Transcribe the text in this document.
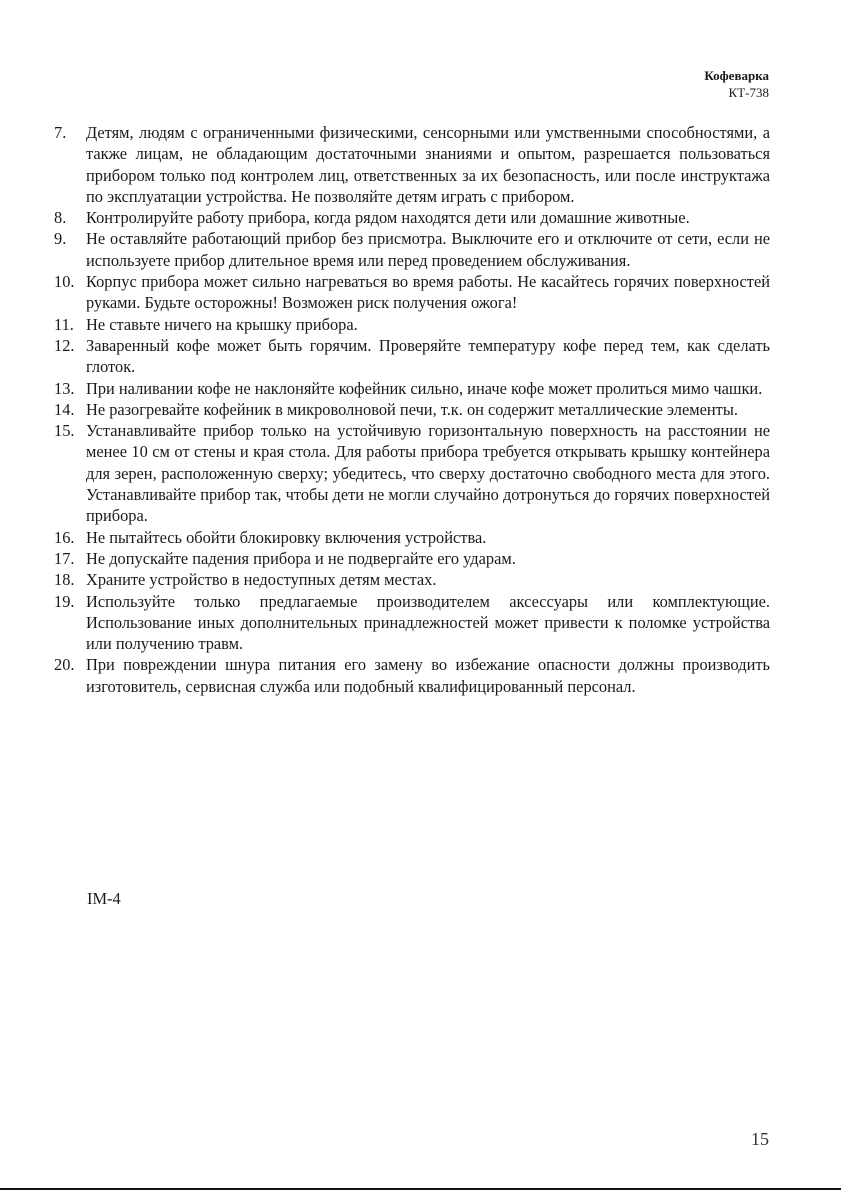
Кофеварка
КТ-738
7.	Детям, людям с ограниченными физическими, сенсорными или умственными способностями, а также лицам, не обладающим достаточными знаниями и опытом, разрешается пользоваться прибором только под контролем лиц, ответственных за их безопасность, или после инструктажа по эксплуатации устройства. Не позволяйте детям играть с прибором.
8.	Контролируйте работу прибора, когда рядом находятся дети или домашние животные.
9.	Не оставляйте работающий прибор без присмотра. Выключите его и отключите от сети, если не используете прибор длительное время или перед проведением обслуживания.
10. Корпус прибора может сильно нагреваться во время работы. Не касайтесь горячих поверхностей руками. Будьте осторожны! Возможен риск получения ожога!
11. Не ставьте ничего на крышку прибора.
12. Заваренный кофе может быть горячим. Проверяйте температуру кофе перед тем, как сделать глоток.
13. При наливании кофе не наклоняйте кофейник сильно, иначе кофе может пролиться мимо чашки.
14. Не разогревайте кофейник в микроволновой печи, т.к. он содержит металлические элементы.
15. Устанавливайте прибор только на устойчивую горизонтальную поверхность на расстоянии не менее 10 см от стены и края стола. Для работы прибора требуется открывать крышку контейнера для зерен, расположенную сверху; убедитесь, что сверху достаточно свободного места для этого. Устанавливайте прибор так, чтобы дети не могли случайно дотронуться до горячих поверхностей прибора.
16. Не пытайтесь обойти блокировку включения устройства.
17. Не допускайте падения прибора и не подвергайте его ударам.
18. Храните устройство в недоступных детям местах.
19. Используйте только предлагаемые производителем аксессуары или комплектующие. Использование иных дополнительных принадлежностей может привести к поломке устройства или получению травм.
20. При повреждении шнура питания его замену во избежание опасности должны производить изготовитель, сервисная служба или подобный квалифицированный персонал.
IM-4
15
